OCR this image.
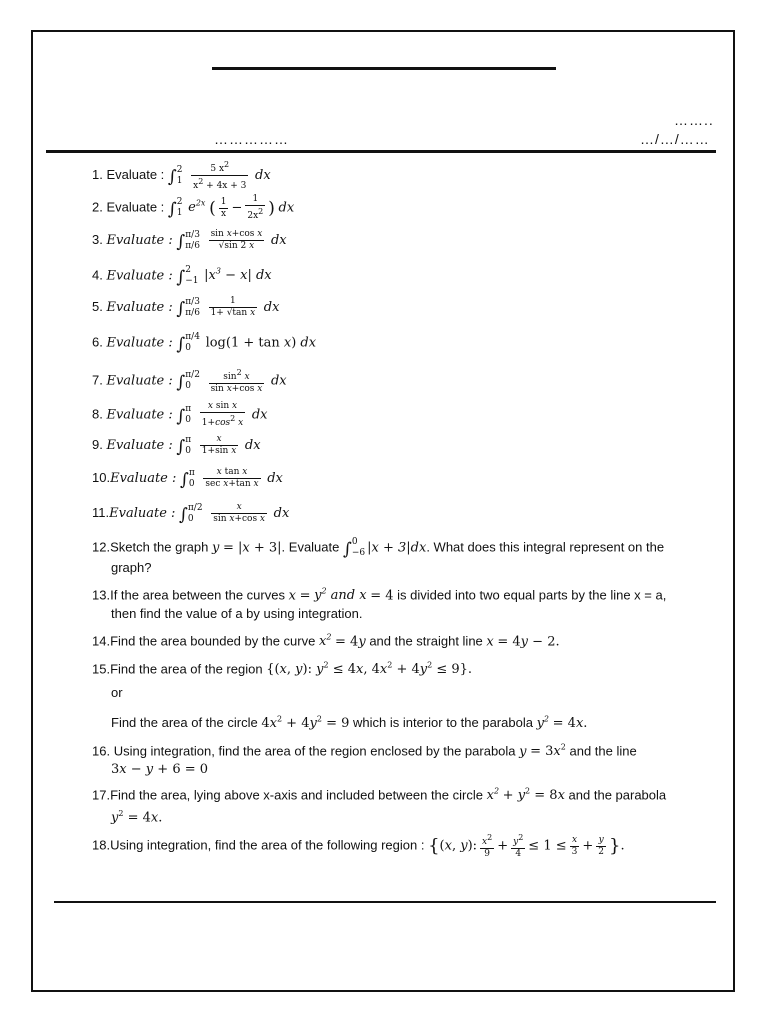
……..
……………	…/…/……
1. Evaluate : ∫ 2
1
$\frac{5 x^2}{x^2 + 4x + 3}$ dx
2. Evaluate : ∫ 2
1 $e^{2x}$ ( $\frac{1}{x} - \frac{1}{2x^2}$ ) dx
3. Evaluate : ∫ π/3
π/6
$\frac{\text{sin x+cos x}}{√\sin 2 x}$ dx
4. Evaluate : ∫ 2
−1 $|x^3 - x|$ dx
5. Evaluate : ∫ π/3
π/6
$\frac{1}{\text{1+ √tan x}}$ dx
6. Evaluate : ∫ π/4
0	log(1 + tan x) dx
7. Evaluate : ∫ π/2
0
	$\frac{\sin^2 x}{\text{sin x+cos x}}$ dx
8. Evaluate : ∫ π
0
$\frac{\text{x sin x}}{1+\cos^2 x}$ dx
9. Evaluate : ∫ π
0
$\frac{x}{\text{1+sin x}}$ dx
10.Evaluate : ∫ π
0
$\frac{\text{x tan x}}{\text{sec x+tan x}}$ dx
11.Evaluate : ∫ π/2
0
	$\frac{x}{\text{sin x+cos x}}$ dx
12.Sketch the graph y = |x + 3|. Evaluate ∫ 0
−6 |x + 3|dx. What does this integral represent on the
graph?
13.If the area between the curves $x = y^2$ and x = 4 is divided into two equal parts by the line x = a,
then find the value of a by using integration.
14.Find the area bounded by the curve $x^2 = 4y$ and the straight line x = 4y − 2.
15.Find the area of the region {(x, y): $y^2 \le 4x$, $4x^2 + 4y^2 \le 9$}.
or
Find the area of the circle $4x^2 + 4y^2 = 9$ which is interior to the parabola $y^2 = 4x$.
16. Using integration, find the area of the region enclosed by the parabola $y = 3x^2$ and the line
3x − y + 6 = 0
17.Find the area, lying above x-axis and included between the circle $x^2 + y^2 = 8x$ and the parabola
$y^2 = 4x$.
18.Using integration, find the area of the following region : {(x, y): $\frac{x^2}{9} + \frac{y^2}{4} \le 1 \le \frac{x}{3} + \frac{y}{2}$ }.
